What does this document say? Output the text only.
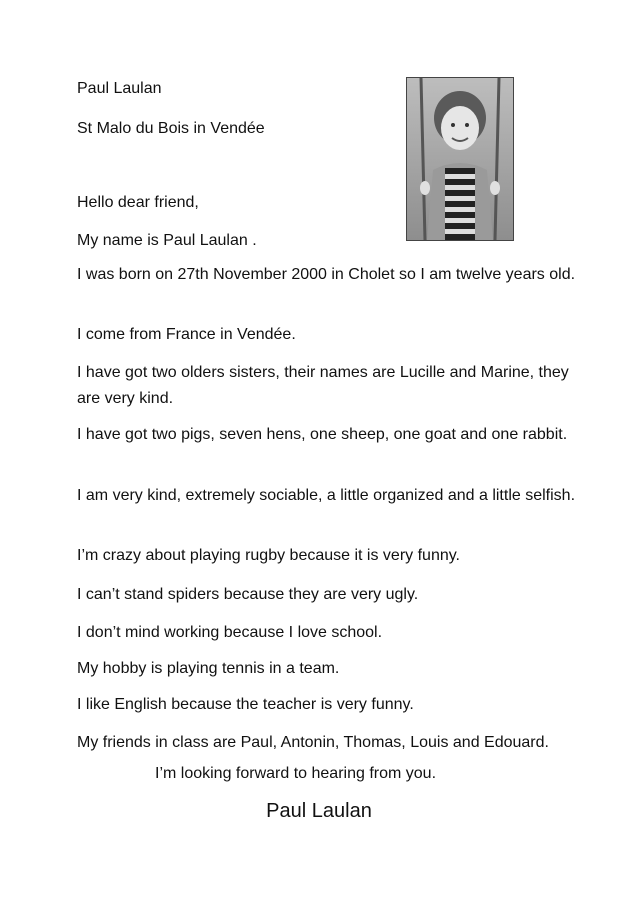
Paul Laulan
St Malo du Bois in Vendée
Hello dear friend,
My name is Paul Laulan .
I was born on 27th November 2000 in Cholet so I am twelve years old.
I come from France in Vendée.
I have got two olders sisters, their names are Lucille and Marine, they are very kind.
I have got two pigs, seven hens, one sheep, one goat and one rabbit.
I am very kind, extremely sociable, a little organized and a little selfish.
I’m crazy about playing rugby because it is very funny.
I can’t stand spiders because they are very ugly.
I don’t mind working because I love school.
My hobby is playing tennis in a team.
I like English because the teacher is very funny.
My friends in class are Paul, Antonin, Thomas, Louis and Edouard.
I’m looking forward to hearing from you.
Paul Laulan
